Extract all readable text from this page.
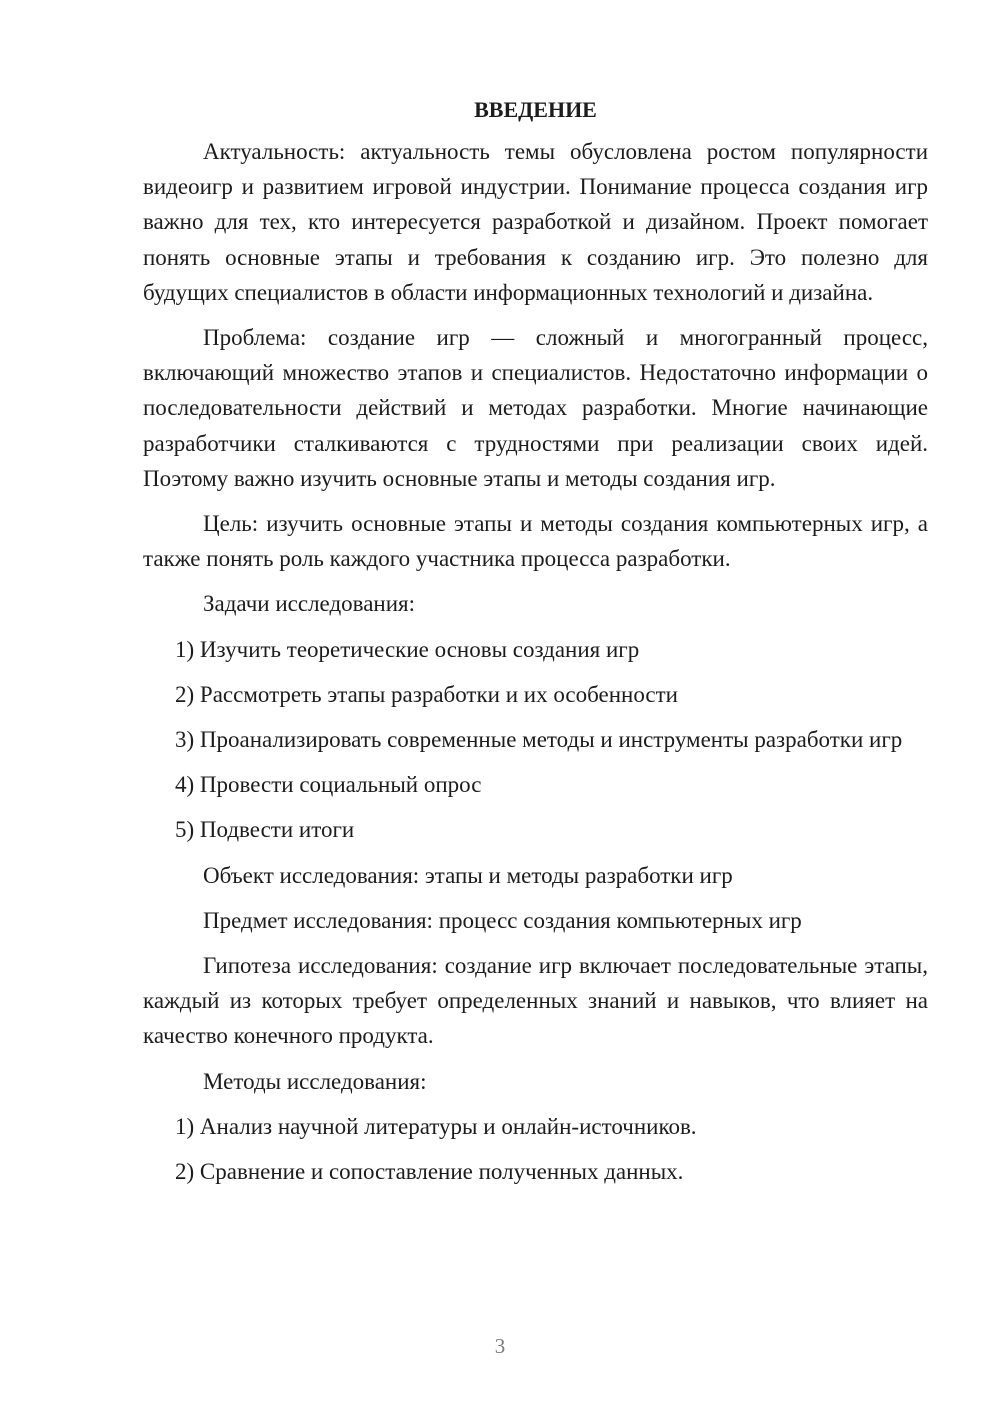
ВВЕДЕНИЕ

Актуальность: актуальность темы обусловлена ростом популярности видеоигр и развитием игровой индустрии. Понимание процесса создания игр важно для тех, кто интересуется разработкой и дизайном. Проект помогает понять основные этапы и требования к созданию игр. Это полезно для будущих специалистов в области информационных технологий и дизайна.

Проблема: создание игр — сложный и многогранный процесс, включающий множество этапов и специалистов. Недостаточно информации о последовательности действий и методах разработки. Многие начинающие разработчики сталкиваются с трудностями при реализации своих идей. Поэтому важно изучить основные этапы и методы создания игр.

Цель: изучить основные этапы и методы создания компьютерных игр, а также понять роль каждого участника процесса разработки.

Задачи исследования:

1) Изучить теоретические основы создания игр

2) Рассмотреть этапы разработки и их особенности

3) Проанализировать современные методы и инструменты разработки игр

4) Провести социальный опрос

5) Подвести итоги

Объект исследования: этапы и методы разработки игр

Предмет исследования: процесс создания компьютерных игр

Гипотеза исследования: создание игр включает последовательные этапы, каждый из которых требует определенных знаний и навыков, что влияет на качество конечного продукта.

Методы исследования:

1) Анализ научной литературы и онлайн-источников.

2) Сравнение и сопоставление полученных данных.

3
